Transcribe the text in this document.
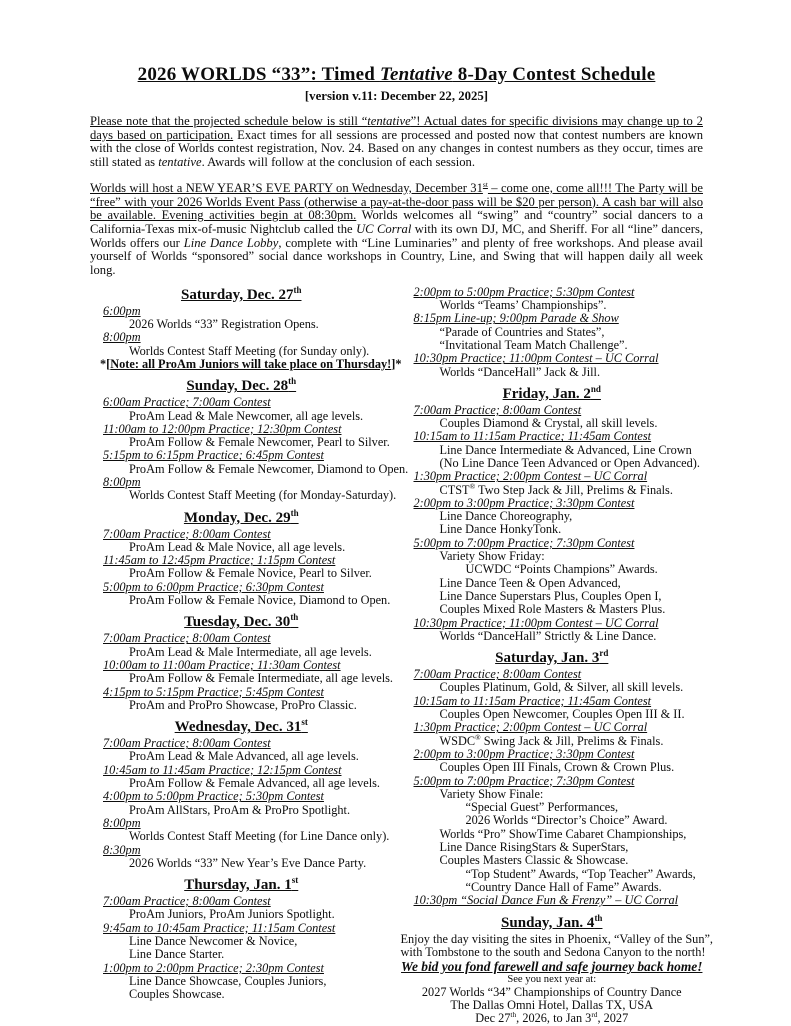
2026 WORLDS “33”: Timed Tentative 8-Day Contest Schedule
[version v.11: December 22, 2025]
Please note that the projected schedule below is still “tentative”! Actual dates for specific divisions may change up to 2 days based on participation. Exact times for all sessions are processed and posted now that contest numbers are known with the close of Worlds contest registration, Nov. 24. Based on any changes in contest numbers as they occur, times are still stated as tentative. Awards will follow at the conclusion of each session.
Worlds will host a NEW YEAR’S EVE PARTY on Wednesday, December 31st – come one, come all!!! The Party will be “free” with your 2026 Worlds Event Pass (otherwise a pay-at-the-door pass will be $20 per person). A cash bar will also be available. Evening activities begin at 08:30pm. Worlds welcomes all “swing” and “country” social dancers to a California-Texas mix-of-music Nightclub called the UC Corral with its own DJ, MC, and Sheriff. For all “line” dancers, Worlds offers our Line Dance Lobby, complete with “Line Luminaries” and plenty of free workshops. And please avail yourself of Worlds “sponsored” social dance workshops in Country, Line, and Swing that will happen daily all week long.
Saturday, Dec. 27th
6:00pm
2026 Worlds “33” Registration Opens.
8:00pm
Worlds Contest Staff Meeting (for Sunday only).
*[Note: all ProAm Juniors will take place on Thursday!]*
Sunday, Dec. 28th
6:00am Practice; 7:00am Contest
ProAm Lead & Male Newcomer, all age levels.
11:00am to 12:00pm Practice; 12:30pm Contest
ProAm Follow & Female Newcomer, Pearl to Silver.
5:15pm to 6:15pm Practice; 6:45pm Contest
ProAm Follow & Female Newcomer, Diamond to Open.
8:00pm
Worlds Contest Staff Meeting (for Monday-Saturday).
Monday, Dec. 29th
7:00am Practice; 8:00am Contest
ProAm Lead & Male Novice, all age levels.
11:45am to 12:45pm Practice; 1:15pm Contest
ProAm Follow & Female Novice, Pearl to Silver.
5:00pm to 6:00pm Practice; 6:30pm Contest
ProAm Follow & Female Novice, Diamond to Open.
Tuesday, Dec. 30th
7:00am Practice; 8:00am Contest
ProAm Lead & Male Intermediate, all age levels.
10:00am to 11:00am Practice; 11:30am Contest
ProAm Follow & Female Intermediate, all age levels.
4:15pm to 5:15pm Practice; 5:45pm Contest
ProAm and ProPro Showcase, ProPro Classic.
Wednesday, Dec. 31st
7:00am Practice; 8:00am Contest
ProAm Lead & Male Advanced, all age levels.
10:45am to 11:45am Practice; 12:15pm Contest
ProAm Follow & Female Advanced, all age levels.
4:00pm to 5:00pm Practice; 5:30pm Contest
ProAm AllStars, ProAm & ProPro Spotlight.
8:00pm
Worlds Contest Staff Meeting (for Line Dance only).
8:30pm
2026 Worlds “33” New Year’s Eve Dance Party.
Thursday, Jan. 1st
7:00am Practice; 8:00am Contest
ProAm Juniors, ProAm Juniors Spotlight.
9:45am to 10:45am Practice; 11:15am Contest
Line Dance Newcomer & Novice,
Line Dance Starter.
1:00pm to 2:00pm Practice; 2:30pm Contest
Line Dance Showcase, Couples Juniors,
Couples Showcase.
2:00pm to 5:00pm Practice; 5:30pm Contest
Worlds “Teams’ Championships”.
8:15pm Line-up; 9:00pm Parade & Show
“Parade of Countries and States”,
“Invitational Team Match Challenge”.
10:30pm Practice; 11:00pm Contest – UC Corral
Worlds “DanceHall” Jack & Jill.
Friday, Jan. 2nd
7:00am Practice; 8:00am Contest
Couples Diamond & Crystal, all skill levels.
10:15am to 11:15am Practice; 11:45am Contest
Line Dance Intermediate & Advanced, Line Crown
(No Line Dance Teen Advanced or Open Advanced).
1:30pm Practice; 2:00pm Contest – UC Corral
CTST® Two Step Jack & Jill, Prelims & Finals.
2:00pm to 3:00pm Practice; 3:30pm Contest
Line Dance Choreography,
Line Dance HonkyTonk.
5:00pm to 7:00pm Practice; 7:30pm Contest
Variety Show Friday:
UCWDC “Points Champions” Awards.
Line Dance Teen & Open Advanced,
Line Dance Superstars Plus, Couples Open I,
Couples Mixed Role Masters & Masters Plus.
10:30pm Practice; 11:00pm Contest – UC Corral
Worlds “DanceHall” Strictly & Line Dance.
Saturday, Jan. 3rd
7:00am Practice; 8:00am Contest
Couples Platinum, Gold, & Silver, all skill levels.
10:15am to 11:15am Practice; 11:45am Contest
Couples Open Newcomer, Couples Open III & II.
1:30pm Practice; 2:00pm Contest – UC Corral
WSDC® Swing Jack & Jill, Prelims & Finals.
2:00pm to 3:00pm Practice; 3:30pm Contest
Couples Open III Finals, Crown & Crown Plus.
5:00pm to 7:00pm Practice; 7:30pm Contest
Variety Show Finale:
“Special Guest” Performances,
2026 Worlds “Director’s Choice” Award.
Worlds “Pro” ShowTime Cabaret Championships,
Line Dance RisingStars & SuperStars,
Couples Masters Classic & Showcase.
“Top Student” Awards, “Top Teacher” Awards,
“Country Dance Hall of Fame” Awards.
10:30pm “Social Dance Fun & Frenzy” – UC Corral
Sunday, Jan. 4th
Enjoy the day visiting the sites in Phoenix, “Valley of the Sun”,
with Tombstone to the south and Sedona Canyon to the north!
We bid you fond farewell and safe journey back home!
See you next year at:
2027 Worlds “34” Championships of Country Dance
The Dallas Omni Hotel, Dallas TX, USA
Dec 27th, 2026, to Jan 3rd, 2027
